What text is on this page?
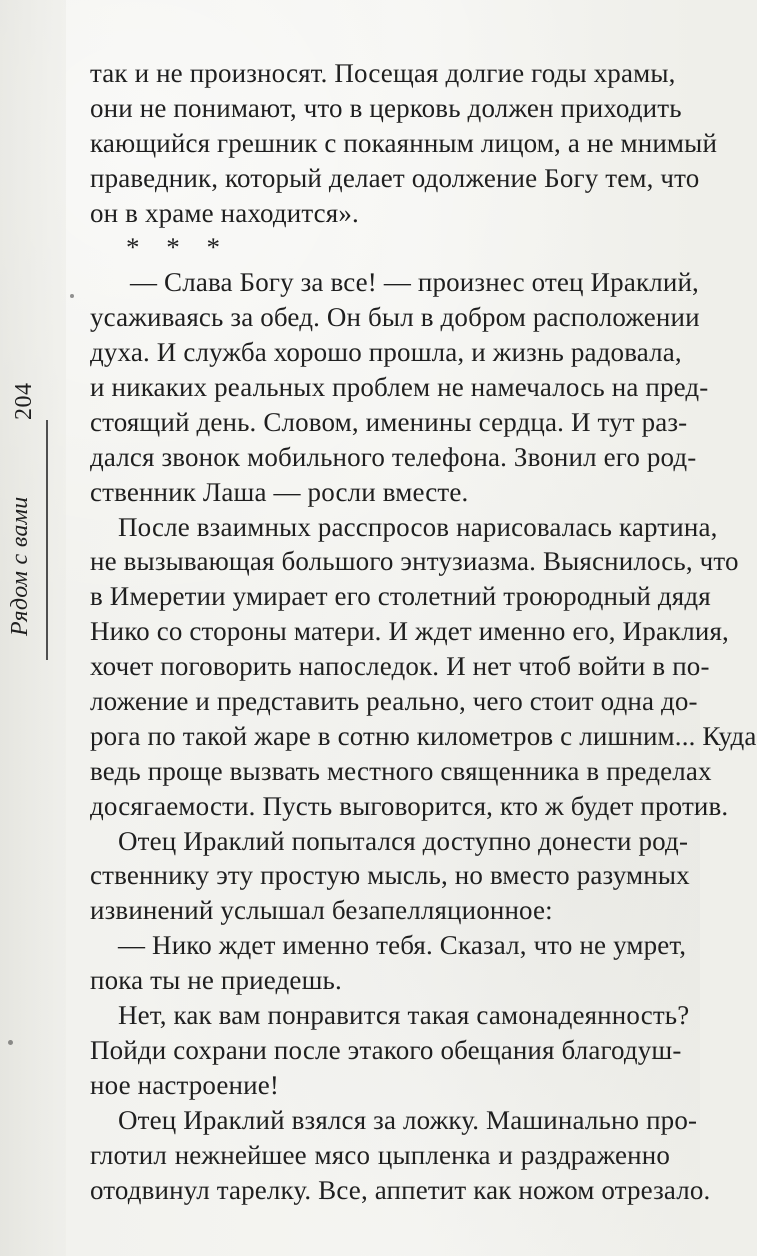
204
Рядом с вами
так и не произносят. Посещая долгие годы храмы,
они не понимают, что в церковь должен приходить
кающийся грешник с покаянным лицом, а не мнимый
праведник, который делает одолжение Богу тем, что
он в храме находится».
* * *
— Слава Богу за все! — произнес отец Ираклий,
усаживаясь за обед. Он был в добром расположении
духа. И служба хорошо прошла, и жизнь радовала,
и никаких реальных проблем не намечалось на пред-
стоящий день. Словом, именины сердца. И тут раз-
дался звонок мобильного телефона. Звонил его род-
ственник Лаша — росли вместе.
После взаимных расспросов нарисовалась картина,
не вызывающая большого энтузиазма. Выяснилось, что
в Имеретии умирает его столетний троюродный дядя
Нико со стороны матери. И ждет именно его, Ираклия,
хочет поговорить напоследок. И нет чтоб войти в по-
ложение и представить реально, чего стоит одна до-
рога по такой жаре в сотню километров с лишним... Куда
ведь проще вызвать местного священника в пределах
досягаемости. Пусть выговорится, кто ж будет против.
Отец Ираклий попытался доступно донести род-
ственнику эту простую мысль, но вместо разумных
извинений услышал безапелляционное:
— Нико ждет именно тебя. Сказал, что не умрет,
пока ты не приедешь.
Нет, как вам понравится такая самонадеянность?
Пойди сохрани после этакого обещания благодуш-
ное настроение!
Отец Ираклий взялся за ложку. Машинально про-
глотил нежнейшее мясо цыпленка и раздраженно
отодвинул тарелку. Все, аппетит как ножом отрезало.
